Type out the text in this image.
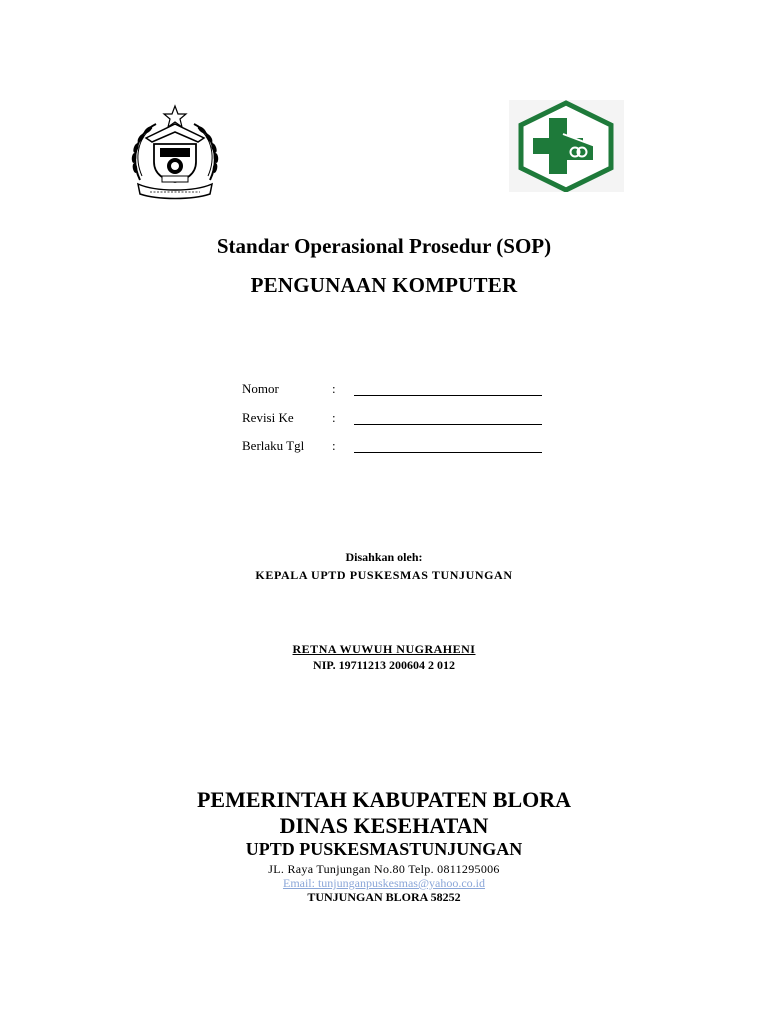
Standar Operasional Prosedur (SOP)
PENGUNAAN KOMPUTER
Nomor	:
Revisi Ke	:
Berlaku Tgl :
Disahkan oleh:
KEPALA UPTD PUSKESMAS TUNJUNGAN
RETNA WUWUH NUGRAHENI
NIP. 19711213 200604 2 012
PEMERINTAH KABUPATEN BLORA
DINAS KESEHATAN
UPTD PUSKESMASTUNJUNGAN
JL. Raya Tunjungan No.80 Telp. 0811295006
Email: tunjunganpuskesmas@yahoo.co.id
TUNJUNGAN BLORA 58252
